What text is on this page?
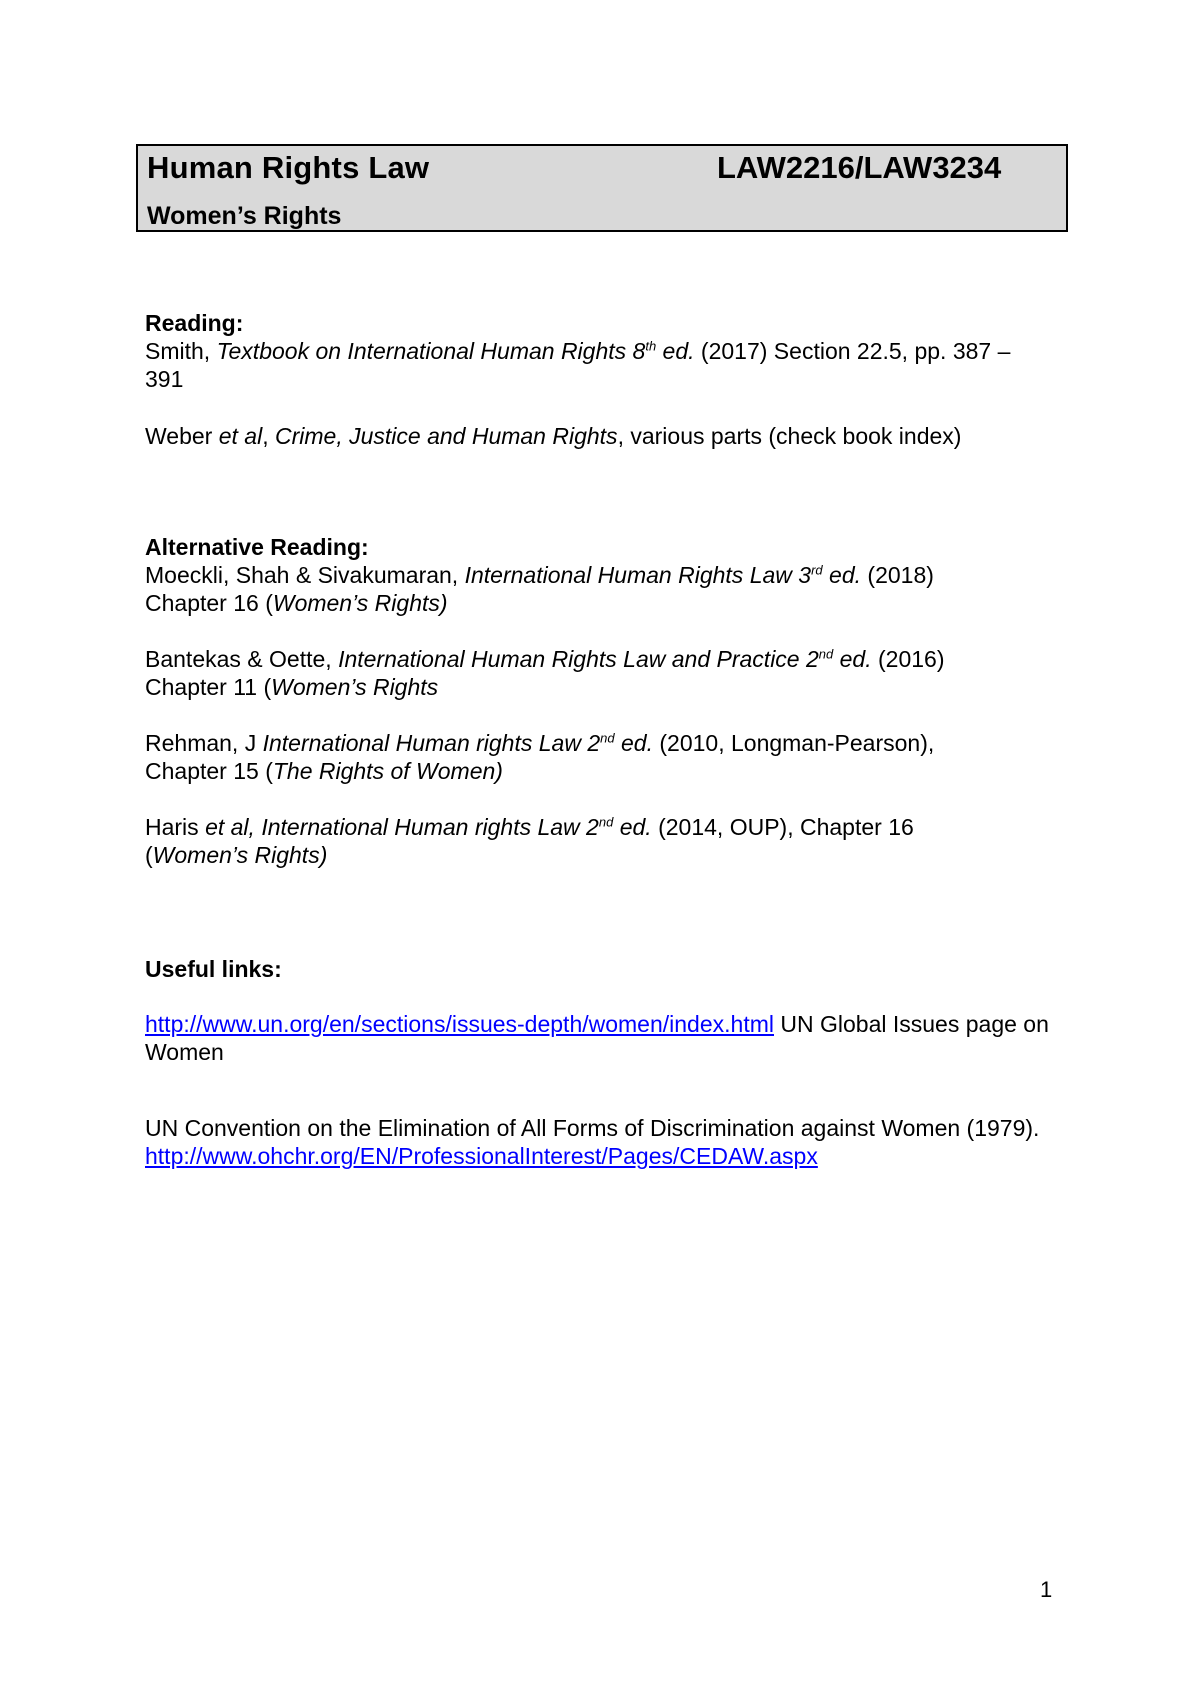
Human Rights Law	LAW2216/LAW3234
Women’s Rights
Reading:
Smith, Textbook on International Human Rights 8th ed. (2017) Section 22.5, pp. 387 – 391
Weber et al, Crime, Justice and Human Rights, various parts (check book index)
Alternative Reading:
Moeckli, Shah & Sivakumaran, International Human Rights Law 3rd ed. (2018)
Chapter 16 (Women’s Rights)
Bantekas & Oette, International Human Rights Law and Practice 2nd ed. (2016)
Chapter 11 (Women’s Rights
Rehman, J International Human rights Law 2nd ed. (2010, Longman-Pearson),
Chapter 15 (The Rights of Women)
Haris et al, International Human rights Law 2nd ed. (2014, OUP), Chapter 16
(Women’s Rights)
Useful links:
http://www.un.org/en/sections/issues-depth/women/index.html UN Global Issues page on Women
UN Convention on the Elimination of All Forms of Discrimination against Women (1979).
http://www.ohchr.org/EN/ProfessionalInterest/Pages/CEDAW.aspx
1
